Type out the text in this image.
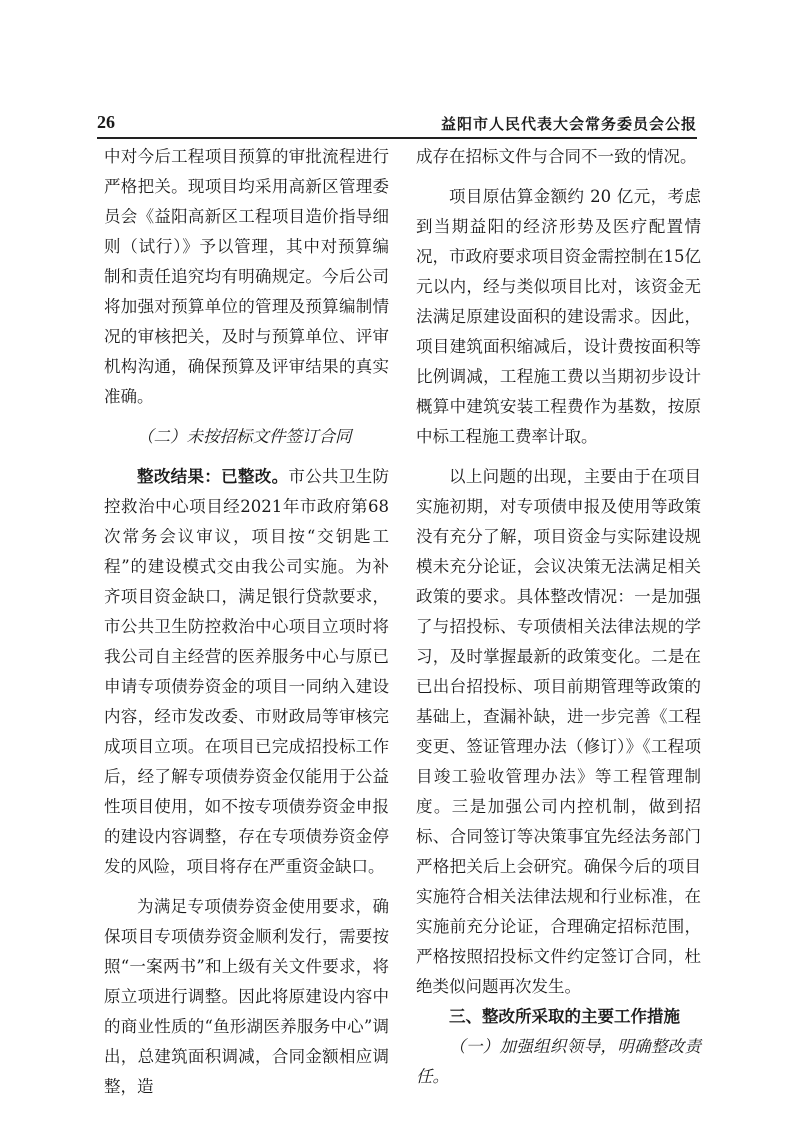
26	益阳市人民代表大会常务委员会公报

中对今后工程项目预算的审批流程进行严格把关。现项目均采用高新区管理委员会《益阳高新区工程项目造价指导细则（试行）》予以管理，其中对预算编制和责任追究均有明确规定。今后公司将加强对预算单位的管理及预算编制情况的审核把关，及时与预算单位、评审机构沟通，确保预算及评审结果的真实准确。

（二）未按招标文件签订合同

整改结果：已整改。市公共卫生防控救治中心项目经2021年市政府第68次常务会议审议，项目按“交钥匙工程”的建设模式交由我公司实施。为补齐项目资金缺口，满足银行贷款要求，市公共卫生防控救治中心项目立项时将我公司自主经营的医养服务中心与原已申请专项债券资金的项目一同纳入建设内容，经市发改委、市财政局等审核完成项目立项。在项目已完成招投标工作后，经了解专项债券资金仅能用于公益性项目使用，如不按专项债券资金申报的建设内容调整，存在专项债券资金停发的风险，项目将存在严重资金缺口。

为满足专项债券资金使用要求，确保项目专项债券资金顺利发行，需要按照“一案两书”和上级有关文件要求，将原立项进行调整。因此将原建设内容中的商业性质的“鱼形湖医养服务中心”调出，总建筑面积调减，合同金额相应调整，造

成存在招标文件与合同不一致的情况。

项目原估算金额约 20 亿元，考虑到当期益阳的经济形势及医疗配置情况，市政府要求项目资金需控制在15亿元以内，经与类似项目比对，该资金无法满足原建设面积的建设需求。因此，项目建筑面积缩减后，设计费按面积等比例调减，工程施工费以当期初步设计概算中建筑安装工程费作为基数，按原中标工程施工费率计取。

以上问题的出现，主要由于在项目实施初期，对专项债申报及使用等政策没有充分了解，项目资金与实际建设规模未充分论证，会议决策无法满足相关政策的要求。具体整改情况：一是加强了与招投标、专项债相关法律法规的学习，及时掌握最新的政策变化。二是在已出台招投标、项目前期管理等政策的基础上，查漏补缺，进一步完善《工程变更、签证管理办法（修订）》《工程项目竣工验收管理办法》等工程管理制度。三是加强公司内控机制，做到招标、合同签订等决策事宜先经法务部门严格把关后上会研究。确保今后的项目实施符合相关法律法规和行业标准，在实施前充分论证，合理确定招标范围，严格按照招投标文件约定签订合同，杜绝类似问题再次发生。

三、整改所采取的主要工作措施

（一）加强组织领导，明确整改责任。
